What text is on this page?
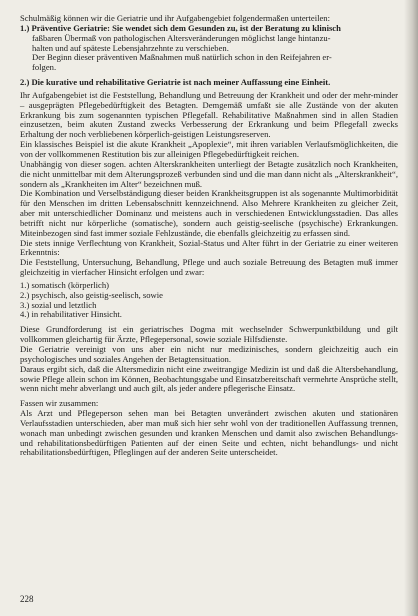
Schulmäßig können wir die Geriatrie und ihr Aufgabengebiet folgendermaßen unterteilen:

1.) Präventive Geriatrie: Sie wendet sich dem Gesunden zu, ist der Beratung zu klinisch

faßbaren Übermaß von pathologischen Altersveränderungen möglichst lange hintanzu-

halten und auf späteste Lebensjahrzehnte zu verschieben.

Der Beginn dieser präventiven Maßnahmen muß natürlich schon in den Reifejahren er-

folgen.

2.) Die kurative und rehabilitative Geriatrie ist nach meiner Auffassung eine Einheit.

Ihr Aufgabengebiet ist die Feststellung, Behandlung und Betreuung der Krankheit und oder der mehr-minder – ausgeprägten Pflegebedürftigkeit des Betagten. Demgemäß umfaßt sie alle Zustände von der akuten Erkrankung bis zum sogenannten typischen Pflegefall. Rehabilitative Maßnahmen sind in allen Stadien einzusetzen, beim akuten Zustand zwecks Verbesserung der Erkrankung und beim Pflegefall zwecks Erhaltung der noch verbliebenen körperlich-geistigen Leistungsreserven.

Ein klassisches Beispiel ist die akute Krankheit „Apoplexie“, mit ihren variablen Verlaufsmöglichkeiten, die von der vollkommenen Restitution bis zur alleinigen Pflegebedürftigkeit reichen.

Unabhängig von dieser sogen. achten Alterskrankheiten unterliegt der Betagte zusätzlich noch Krankheiten, die nicht unmittelbar mit dem Alterungsprozeß verbunden sind und die man dann nicht als „Alterskrankheit“, sondern als „Krankheiten im Alter“ bezeichnen muß.

Die Kombination und Verselbständigung dieser beiden Krankheitsgruppen ist als sogenannte Multimorbidität für den Menschen im dritten Lebensabschnitt kennzeichnend. Also Mehrere Krankheiten zu gleicher Zeit, aber mit unterschiedlicher Dominanz und meistens auch in verschiedenen Entwicklungsstadien. Das alles betrifft nicht nur körperliche (somatische), sondern auch geistig-seelische (psychische) Erkrankungen. Miteinbezogen sind fast immer soziale Fehlzustände, die ebenfalls gleichzeitig zu erfassen sind.

Die stets innige Verflechtung von Krankheit, Sozial-Status und Alter führt in der Geriatrie zu einer weiteren Erkenntnis:

Die Feststellung, Untersuchung, Behandlung, Pflege und auch soziale Betreuung des Betagten muß immer gleichzeitig in vierfacher Hinsicht erfolgen und zwar:

1.) somatisch (körperlich)

2.) psychisch, also geistig-seelisch, sowie

3.) sozial und letztlich

4.) in rehabilitativer Hinsicht.

Diese Grundforderung ist ein geriatrisches Dogma mit wechselnder Schwerpunktbildung und gilt vollkommen gleichartig für Ärzte, Pflegepersonal, sowie soziale Hilfsdienste.

Die Geriatrie vereinigt von uns aber ein nicht nur medizinisches, sondern gleichzeitig auch ein psychologisches und soziales Angehen der Betagtensituation.

Daraus ergibt sich, daß die Altersmedizin nicht eine zweitrangige Medizin ist und daß die Altersbehandlung, sowie Pflege allein schon im Können, Beobachtungsgabe und Einsatzbereitschaft vermehrte Ansprüche stellt, wenn nicht mehr abverlangt und auch gilt, als jeder andere pflegerische Einsatz.

Fassen wir zusammen:

Als Arzt und Pflegeperson sehen man bei Betagten unverändert zwischen akuten und stationären Verlaufsstadien unterschieden, aber man muß sich hier sehr wohl von der traditionellen Auffassung trennen, wonach man unbedingt zwischen gesunden und kranken Menschen und damit also zwischen Behandlungs- und rehabilitationsbedürftigen Patienten auf der einen Seite und echten, nicht behandlungs- und nicht rehabilitationsbedürftigen, Pfleglingen auf der anderen Seite unterscheidet.

228
